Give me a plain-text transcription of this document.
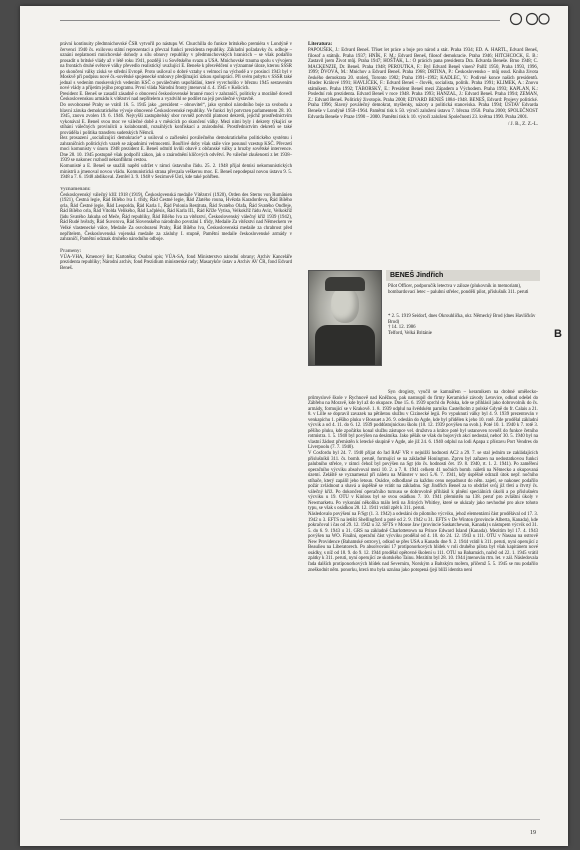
právní kontinuity předmnichovské ČSR vytvořil po nástupu W. Churchilla do funkce britského premiéra v Londýně v červenci 1940 čs. exilovou státní reprezentaci a převzal funkci prezidenta republiky. Základní požadavky čs. odboje – uznání neplatnosti mnichovské dohody a sílu obnovy republiky v předmnichovských hranicích – se však podařilo prosadit u britské vlády až v létě roku 1941, později i u Sovětského svazu a USA. Mnichovské trauma spolu s vývojem na frontách druhé světové války převedlo realistický uvažující E. Beneše k přesvědčení o významné úloze, kterou SSSR po skončení války získá ve střední Evropě. Proto usiloval o dobré vztahy s velmocí na východě a v prosinci 1943 byl v Moskvě při podpisu nové čs.-sovětské spojenecké smlouvy předjímající úzkou spolupráci. Při svém pobytu v SSSR také jednal s vedením moskevských vedením KSČ o poválečném uspořádání, které vyvrcholilo v březnu 1945 sestavením nové vlády a přijetím jejího programu. První vláda Národní fronty jmenoval 4. 4. 1945 v Košicích.

President E. Beneš se zasadil zásadně o obnovení československé branné moci v zahraničí, politicky a morálně dovedl Československou armádu k vítězství nad nepřítelem a vyzdvihl se podílet na její poválečné výstavbě.

Do osvobozené Prahy se vrátil 16. 5. 1945 jako „prezident – obnovitel“, jako symbol národního boje za svobodu a hlavní záruka demokratického vývoje obnovené Československé republiky. Ve funkci byl potvrzen parlamentem 28. 10. 1945, znovu zvolen 19. 6. 1946. Nejvyšší zastupitelský sbor rovněž potvrdil platnost dekretů, jejichž prostřednictvím vykonával E. Beneš svou moc ve válečné době a v měsících po skončení války. Mezi nimi byly i dekrety týkající se stíhání válečných provinilců a kolaborantů, rozsáhlých konfiskací a znárodnění. Prostřednictvím dekretů se také prováděla i politika transferu sudetských Němců.

Bez prosazení „socializující demokracie“ a usiloval o začlenění poválečného demokratického politického systému i zahraničních politických vazeb se západními velmocemi. Bouřlivé doby však stále více posunul vzestup KSČ. Převzetí moci komunisty v únoru 1948 prezident E. Beneš odmítl kvůli obavě z občanské války a hrozby sovětské intervence. Dne 28. 10. 1945 postupně však podpořil zákon, jak o znárodnění klíčových odvětví. Po válečné zkušenosti z let 1938–1939 se nakonec rozhodl nekonfliktní cestou.

Komunisté a E. Beneš se snažili napětí udržet v rámci ústavního řádu. 25. 2. 1948 přijal demisi nekomunistických ministrů a jmenoval novou vládu. Komunistická strana převzala veškerou moc. E. Beneš nepodepsal novou ústavu 9. 5. 1948 a 7. 6. 1948 abdikoval. Zemřel 3. 9. 1948 v Sezimově Ústí, kde také pohřben.

Vyznamenání:

Československý válečný kříž 1918 (1919), Československá medaile Vítězství (1920), Orden des Sterns von Rumänien (1921), Čestná legie, Řád Bílého lva I. třídy, Řád Čestné legie, Řád Zlatého rouna, Hvězda Karađorđeva, Řád Bílého orla, Řád Čestné legie, Řád Leopolda, Řád Karla I., Řád Polonia Restituta, Řád Svatého Olafa, Řád Svatého Ondřeje, Řád Bílého orla, Řád Vitolda Velikého, Řád Lačplésis, Řád Karla III., Řád Kříže Vytisa, Velkokříž řádu Aviz, Velkokříž řádu Svatého Jakuba od Meče, Řád republiky, Řád Bílého lva za vítězství, Československý válečný kříž 1939 (1942), Řád Rudé hvězdy, Řád Suvorova, Řád Slovenského národního povstání I. třídy, Medaile Za vítězství nad Německem ve Velké vlastenecké válce, Medaile Za osvobození Prahy, Řád Bílého lva, Československá medaile za chrabrost před nepřítelem, Československá vojenská medaile za zásluhy I. stupně, Pamětní medaile československé armády v zahraničí, Pamětní odznak druhého národního odboje.

Prameny:

VÚA-VHA, Kmenový list; Kartotéka; Osobní spis; VÚA-SA, fond Ministerstvo národní obrany; Archiv Kanceláře prezidenta republiky; Národní archiv, fond Prezidium ministerské rady; Masarykův ústav a Archiv AV ČR, fond Edvard Beneš.

Literatura:
PAPOUŠEK, J.: Edvard Beneš. Tříset let práce a boje pro národ a stát. Praha 1934; ED. A. HARTL, Edvard Beneš, filosof a státník. Praha 1937; HNÍK, F. M.: Edvard Beneš, filosof demokracie. Praha 1946; HITCHCOCK, E. B.: Zastavil jsem Život můj. Praha 1947; HOŠŤÁK, L.: O prácích pana presidenta Dra. Edvarda Beneše. Brno 1948; C. MACKENZIE, Dr. Beneš. Praha 1948; PEROUTKA, F.: Byl Edvard Beneš vinen? Paříž 1950, Praha 1993, 1996, 1999; ĎVOVÁ, M.: Mnichov a Edvard Beneš. Praha 1968; DRTINA, P.: Československo – můj osud. Kniha života českého demokrata 20. století. Toronto 1982; Praha 1991–1992; KADLEC, V.: Podivné konce našich presidentů. Hradec Králové 1991; HAVLÍČEK, F.: Edvard Beneš – člověk, socialista, politik. Praha 1991; KLIMEK, A.: Znovu státníkem. Praha 1992; TÁBORSKÝ, E.: President Beneš mezi Západem a Východem. Praha 1993; KAPLAN, K.: Poslední rok prezidenta. Edvard Beneš v roce 1948. Praha 1993; HANZAL, J.: Edvard Beneš. Praha 1994; ZEMAN, Z.: Edvard Beneš. Politický životopis. Praha 2000; EDVARD BENEŠ 1884–1948. BENEŠ, Edvard: Projevy politické. Praha 1996; Slavný poválečný demokrat, myšlenky, názory a politická stanoviska. Praha 1994; ÚSTAV Edvarda Beneše v Londýně 1950–1964. Pamětní tisk k 50. výročí založení ústavu 7. března 1950. Praha 2000; SPOLEČNOST Edvarda Beneše v Praze 1990 – 2000. Pamětní tisk k 10. výročí založení Společnosti 23. května 1990. Praha 2001.
/ J. B., Z. Z.-L.
BENEŠ Jindřich
Pilot Officer, podporučík letectva v záloze (plukovník in memoriam), bombardovací letec – palubní střelec, pondělí pilot, příslušník 311. peruti
* 2. 5. 1919 Seidorf, dnes Okrouhlička, okr. Německý Brod (dnes Havlíčkův Brod)
† 14. 12. 1986
Telford, Velká Británie

Syn drogisty, vyučil se kamnářem – keramikem na drobné umělecko-průmyslové škole v Rychnově nad Kněžnou, pak nastoupil do firmy Keramické závody Letovice, odkud odešel do Zábřehu na Moravě, kde byl až do okupace. Dne 15. 6. 1939 uprchl do Polska, kde se přihlásil jako dobrovolník do čs. armády, formující se v Krakově. 1. 8. 1939 odplul na švédském parníku Castelholm z polské Gdyně do fr. Calais a 21. 8. v Lille se dopravil zavazek na pětiletou službu v Cizinecké legii. Po vypuknutí války byl 4. 9. 1939 prezentován v venkapíchu 1. pěšího pluku v Bossuet a 26. 9. odeslán do Agde, kde byl přidělen k jeho 10. rotě. Zde prodělal základní výcvik a od 4. 11. do 6. 12. 1939 poddůstojnickou školu (10. 12. 1939 povýšen na svob.). Poté 10. 1. 1940 k 7. rotě 3. pěšího pluku, kde zpočátku konal službu zástupce vel. družstva a krátce poté byl ustanoven rovněž do funkce četního rotmistra. 1. 5. 1940 byl povýšen na desátníka. Jako pěšák se však do bojových akcí nedostal, neboť 30. 5. 1940 byl na vlastní žádost přemístěn k letecké skupině v Agde, ale již 24. 6. 1940 odplul na lodi Apapa z přístavu Port Vendres do Liverpoolu (7. 7. 1940).

V Cosfordu byl 24. 7. 1940 přijat do řad RAF VR v nejnižší hodnosti AC2 a 29. 7. se stal jedním ze zakládajících příslušníků 311. čs. bomb. perutě, formující se na základně Honington. Zprvu byl zařazen na nedostatkovou funkci palubního střelce, v rámci čehož byl povýšen na Sgt (do čs. hodnosti čet. 19. 8. 1940, rt. 1. 2. 1941). Po zaměření operačního výcviku absolvoval mezi 10. 2. a 7. 8. 1941 celkem 41 nočních bomb. náletů na Německo a okupovaná území. Zeláště se vyznamenal při náletu na Münster v noci 5./6. 7. 1941, kdy úspěšně odrazil útok nepř. nočního stíhače, který zapálil jeho letoun. Osádce, odhodlané za každou cenu nepadnout do nětn. zajetí, se nakonec podařilo požár zvládnout a shavá a úspěšně se vrátit na základnu. Sgt Jindřich Beneš za to obdržel svůj již třetí a čtvrtý čs. válečný kříž. Po dokončení operačního turnusu se dobrovolně přihlásil k plnění speciálních úkolů a po příslušném výcviku u 19. OTU v Kinloss byl se svou osádkou 7. 10. 1941 přemístěn na 138. peruť pro zvláštní úkoly v Newmarketu. Po vykonání několika málo letů na Jiriných Whitley, které se ukázaly jako nevhodné pro akce tohoto typu, se však s osádkou 28. 12. 1941 vrátil zpět k 311. peruti.

Následovalo povýšení na F/Sgt (1. 3. 1942) a odeslání do pilotního výcviku, jehož elementární část prodělával od 17. 3. 1942 u 3. EFTS na letišti Shellingford a poté od 2. 9. 1942 u 31. EFTS v De Winton (provincie Alberta, Kanada), kde pokračoval i čas od 29. 12. 1942 u 32. SFTS v Mouse Jaw (provincie Saskatchewan, Kanada) s nástupem výcvik od 31. 5. do 6. 9. 1943 u 31. GRS na základně Charlottetown na Prince Edward Island (Kanada). Mezitím byl 17. 4. 1943 povýšen na WO. Finální, operační část výcviku prodělal od 4. 10. do 24. 12. 1943 u 111. OTU v Nassau na ostrově New Providence (Bahamské ostrovy), odkud se přes USA a Kanadu dne 9. 2. 1944 vrátil k 311. peruti, nyní operující z Beaulieu na Liberatorech. Po absolvování 17 protiponorkových hlídek v roli druhého pilota byl však kapitánem nové osádky, s níž od 18. 9. do 9. 12. 1944 prodělal opětovné školení u 111. OTU na Bahamách, načež od 22. 1. 1945 vrátil zpátky k 311. peruti, nyní operující ze skotského Tainu. Mezitím byl 28. 10. 1944 jmenován rtm. let. v zál. Následovala řada dalších protiponorkových hlídek nad Severním, Norským a Baltským mořem, přičemž 5. 5. 1945 se mu podařilo zneškodnit něm. ponorku, která mu byla uznána jako potopená (její blíží identita není

B
19
